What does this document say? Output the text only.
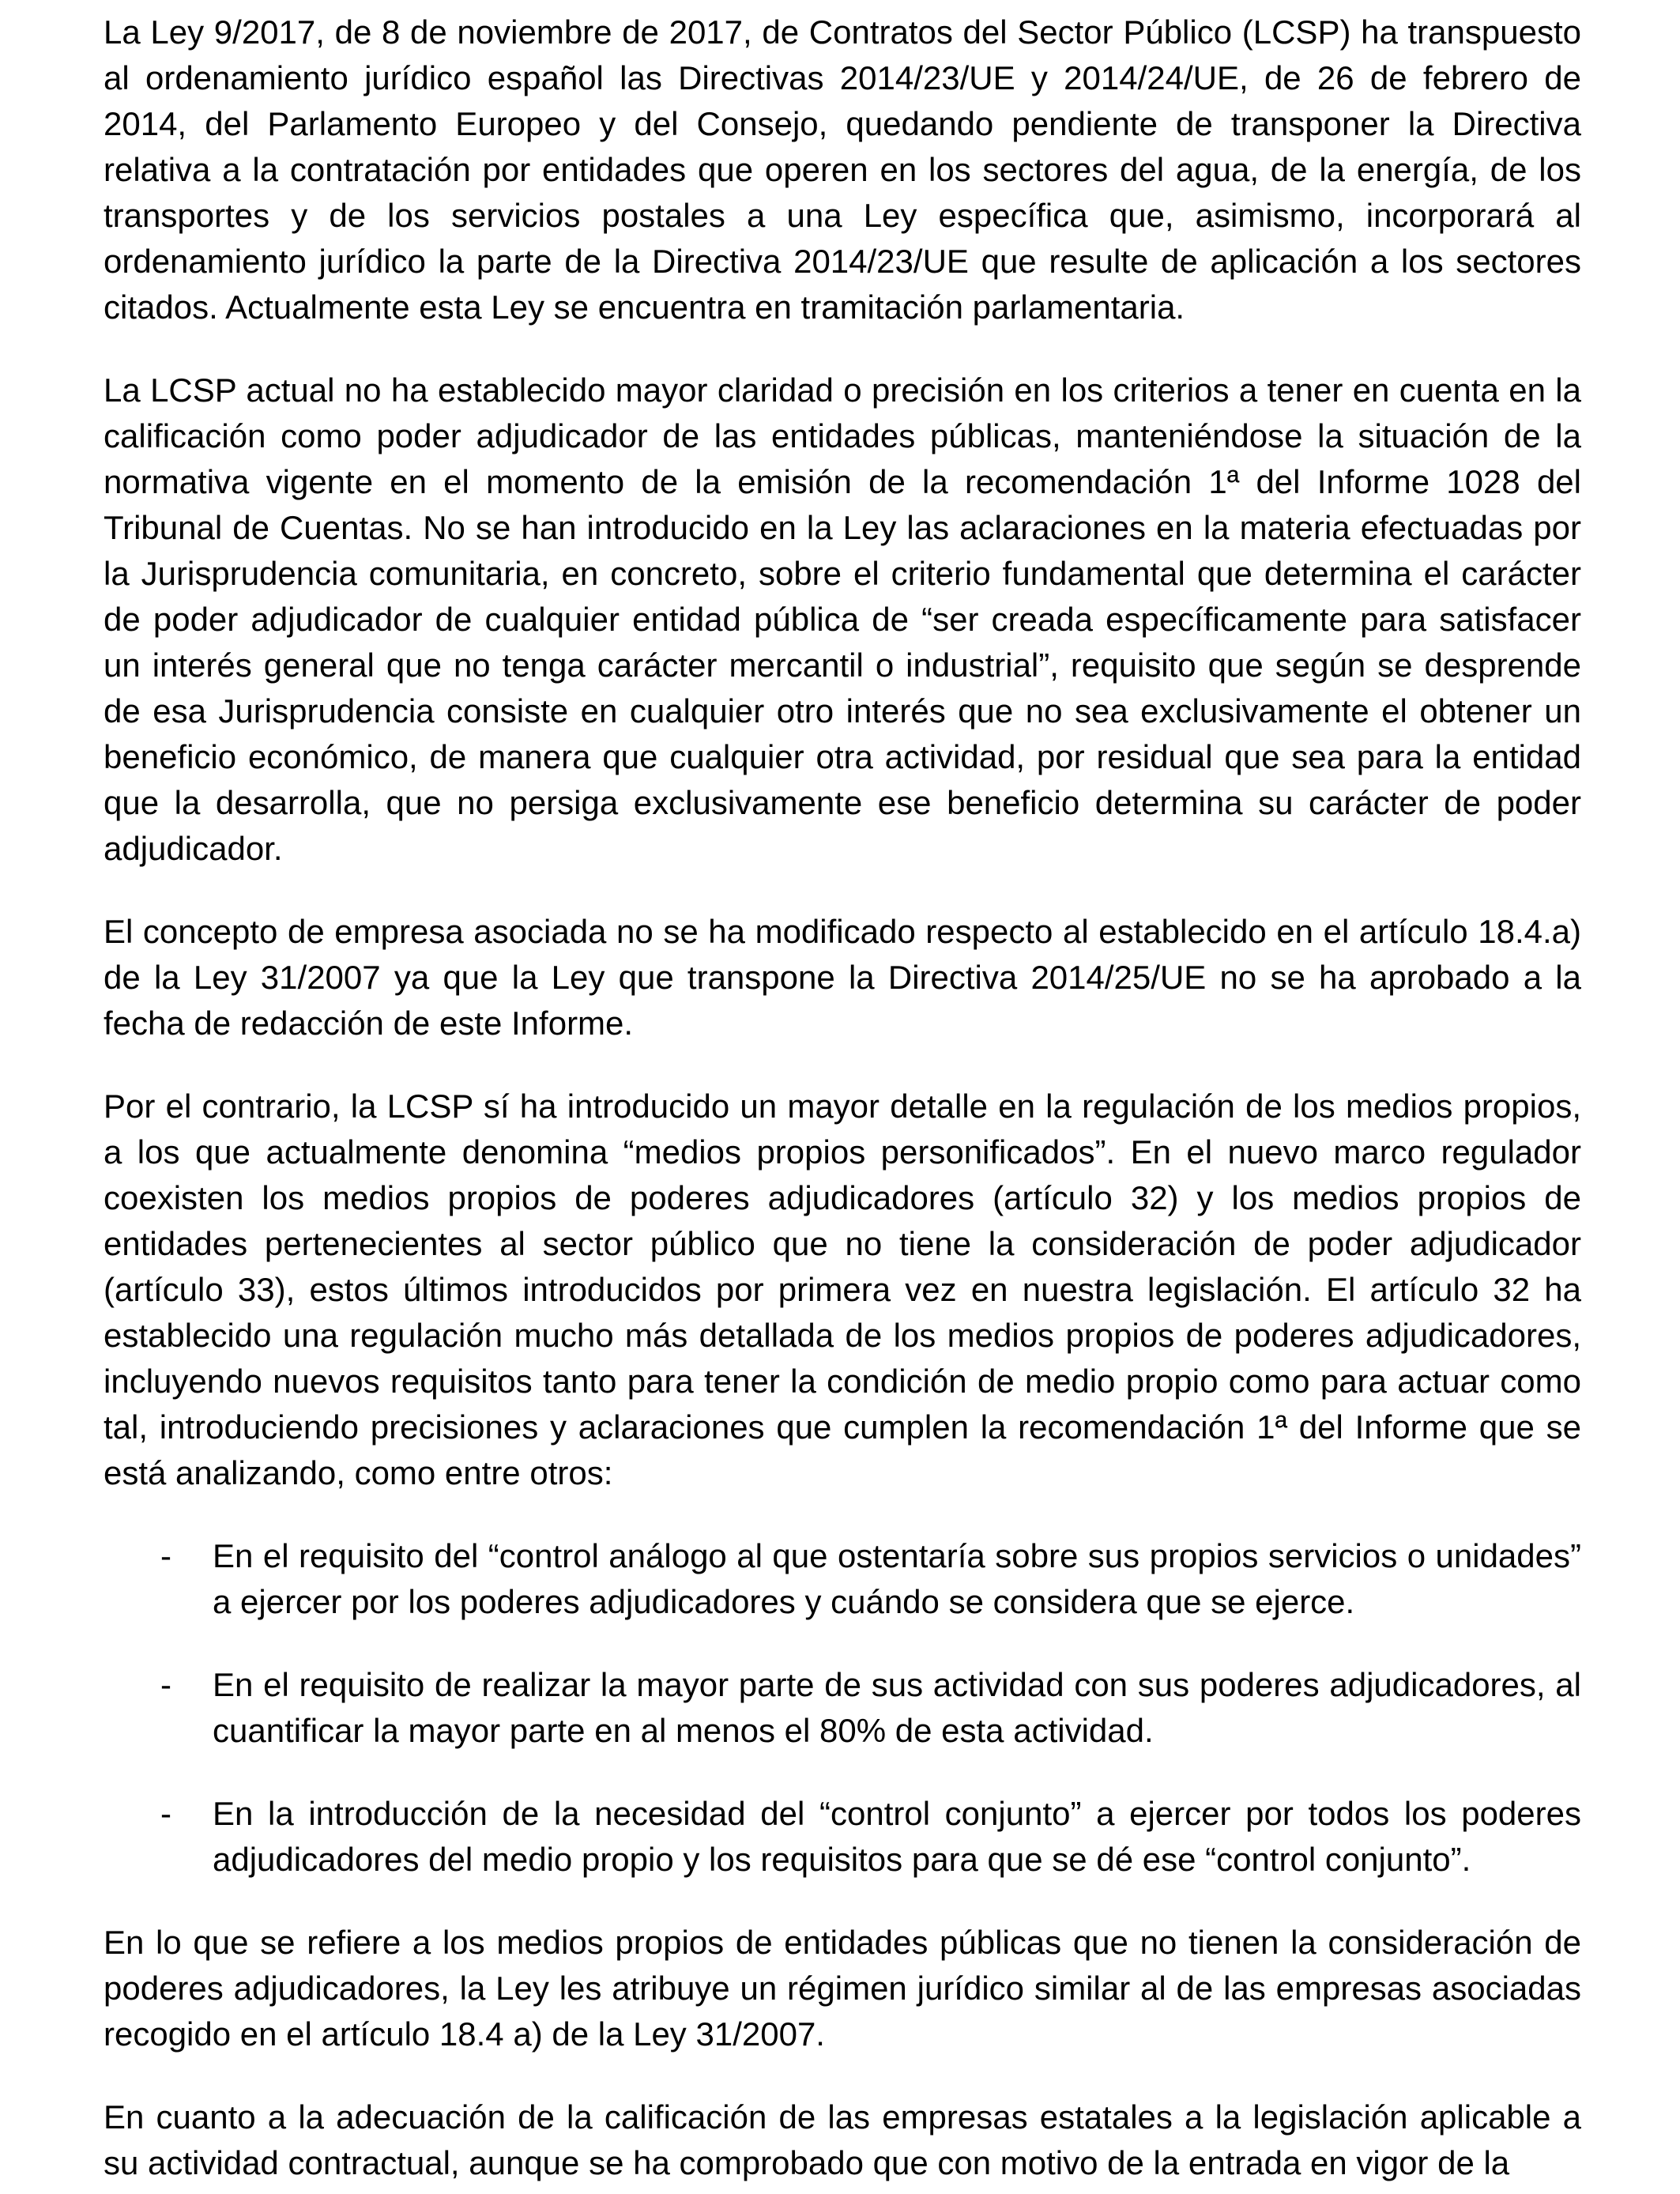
La Ley 9/2017, de 8 de noviembre de 2017, de Contratos del Sector Público (LCSP) ha transpuesto al ordenamiento jurídico español las Directivas 2014/23/UE y 2014/24/UE, de 26 de febrero de 2014, del Parlamento Europeo y del Consejo, quedando pendiente de transponer la Directiva relativa a la contratación por entidades que operen en los sectores del agua, de la energía, de los transportes y de los servicios postales a una Ley específica que, asimismo, incorporará al ordenamiento jurídico la parte de la Directiva 2014/23/UE que resulte de aplicación a los sectores citados. Actualmente esta Ley se encuentra en tramitación parlamentaria.

La LCSP actual no ha establecido mayor claridad o precisión en los criterios a tener en cuenta en la calificación como poder adjudicador de las entidades públicas, manteniéndose la situación de la normativa vigente en el momento de la emisión de la recomendación 1ª del Informe 1028 del Tribunal de Cuentas. No se han introducido en la Ley las aclaraciones en la materia efectuadas por la Jurisprudencia comunitaria, en concreto, sobre el criterio fundamental que determina el carácter de poder adjudicador de cualquier entidad pública de “ser creada específicamente para satisfacer un interés general que no tenga carácter mercantil o industrial”, requisito que según se desprende de esa Jurisprudencia consiste en cualquier otro interés que no sea exclusivamente el obtener un beneficio económico, de manera que cualquier otra actividad, por residual que sea para la entidad que la desarrolla, que no persiga exclusivamente ese beneficio determina su carácter de poder adjudicador.

El concepto de empresa asociada no se ha modificado respecto al establecido en el artículo 18.4.a) de la Ley 31/2007 ya que la Ley que transpone la Directiva 2014/25/UE no se ha aprobado a la fecha de redacción de este Informe.

Por el contrario, la LCSP sí ha introducido un mayor detalle en la regulación de los medios propios, a los que actualmente denomina “medios propios personificados”. En el nuevo marco regulador coexisten los medios propios de poderes adjudicadores (artículo 32) y los medios propios de entidades pertenecientes al sector público que no tiene la consideración de poder adjudicador (artículo 33), estos últimos introducidos por primera vez en nuestra legislación. El artículo 32 ha establecido una regulación mucho más detallada de los medios propios de poderes adjudicadores, incluyendo nuevos requisitos tanto para tener la condición de medio propio como para actuar como tal, introduciendo precisiones y aclaraciones que cumplen la recomendación 1ª del Informe que se está analizando, como entre otros:

- En el requisito del “control análogo al que ostentaría sobre sus propios servicios o unidades” a ejercer por los poderes adjudicadores y cuándo se considera que se ejerce.
- En el requisito de realizar la mayor parte de sus actividad con sus poderes adjudicadores, al cuantificar la mayor parte en al menos el 80% de esta actividad.
- En la introducción de la necesidad del “control conjunto” a ejercer por todos los poderes adjudicadores del medio propio y los requisitos para que se dé ese “control conjunto”.

En lo que se refiere a los medios propios de entidades públicas que no tienen la consideración de poderes adjudicadores, la Ley les atribuye un régimen jurídico similar al de las empresas asociadas recogido en el artículo 18.4 a) de la Ley 31/2007.

En cuanto a la adecuación de la calificación de las empresas estatales a la legislación aplicable a su actividad contractual, aunque se ha comprobado que con motivo de la entrada en vigor de la
